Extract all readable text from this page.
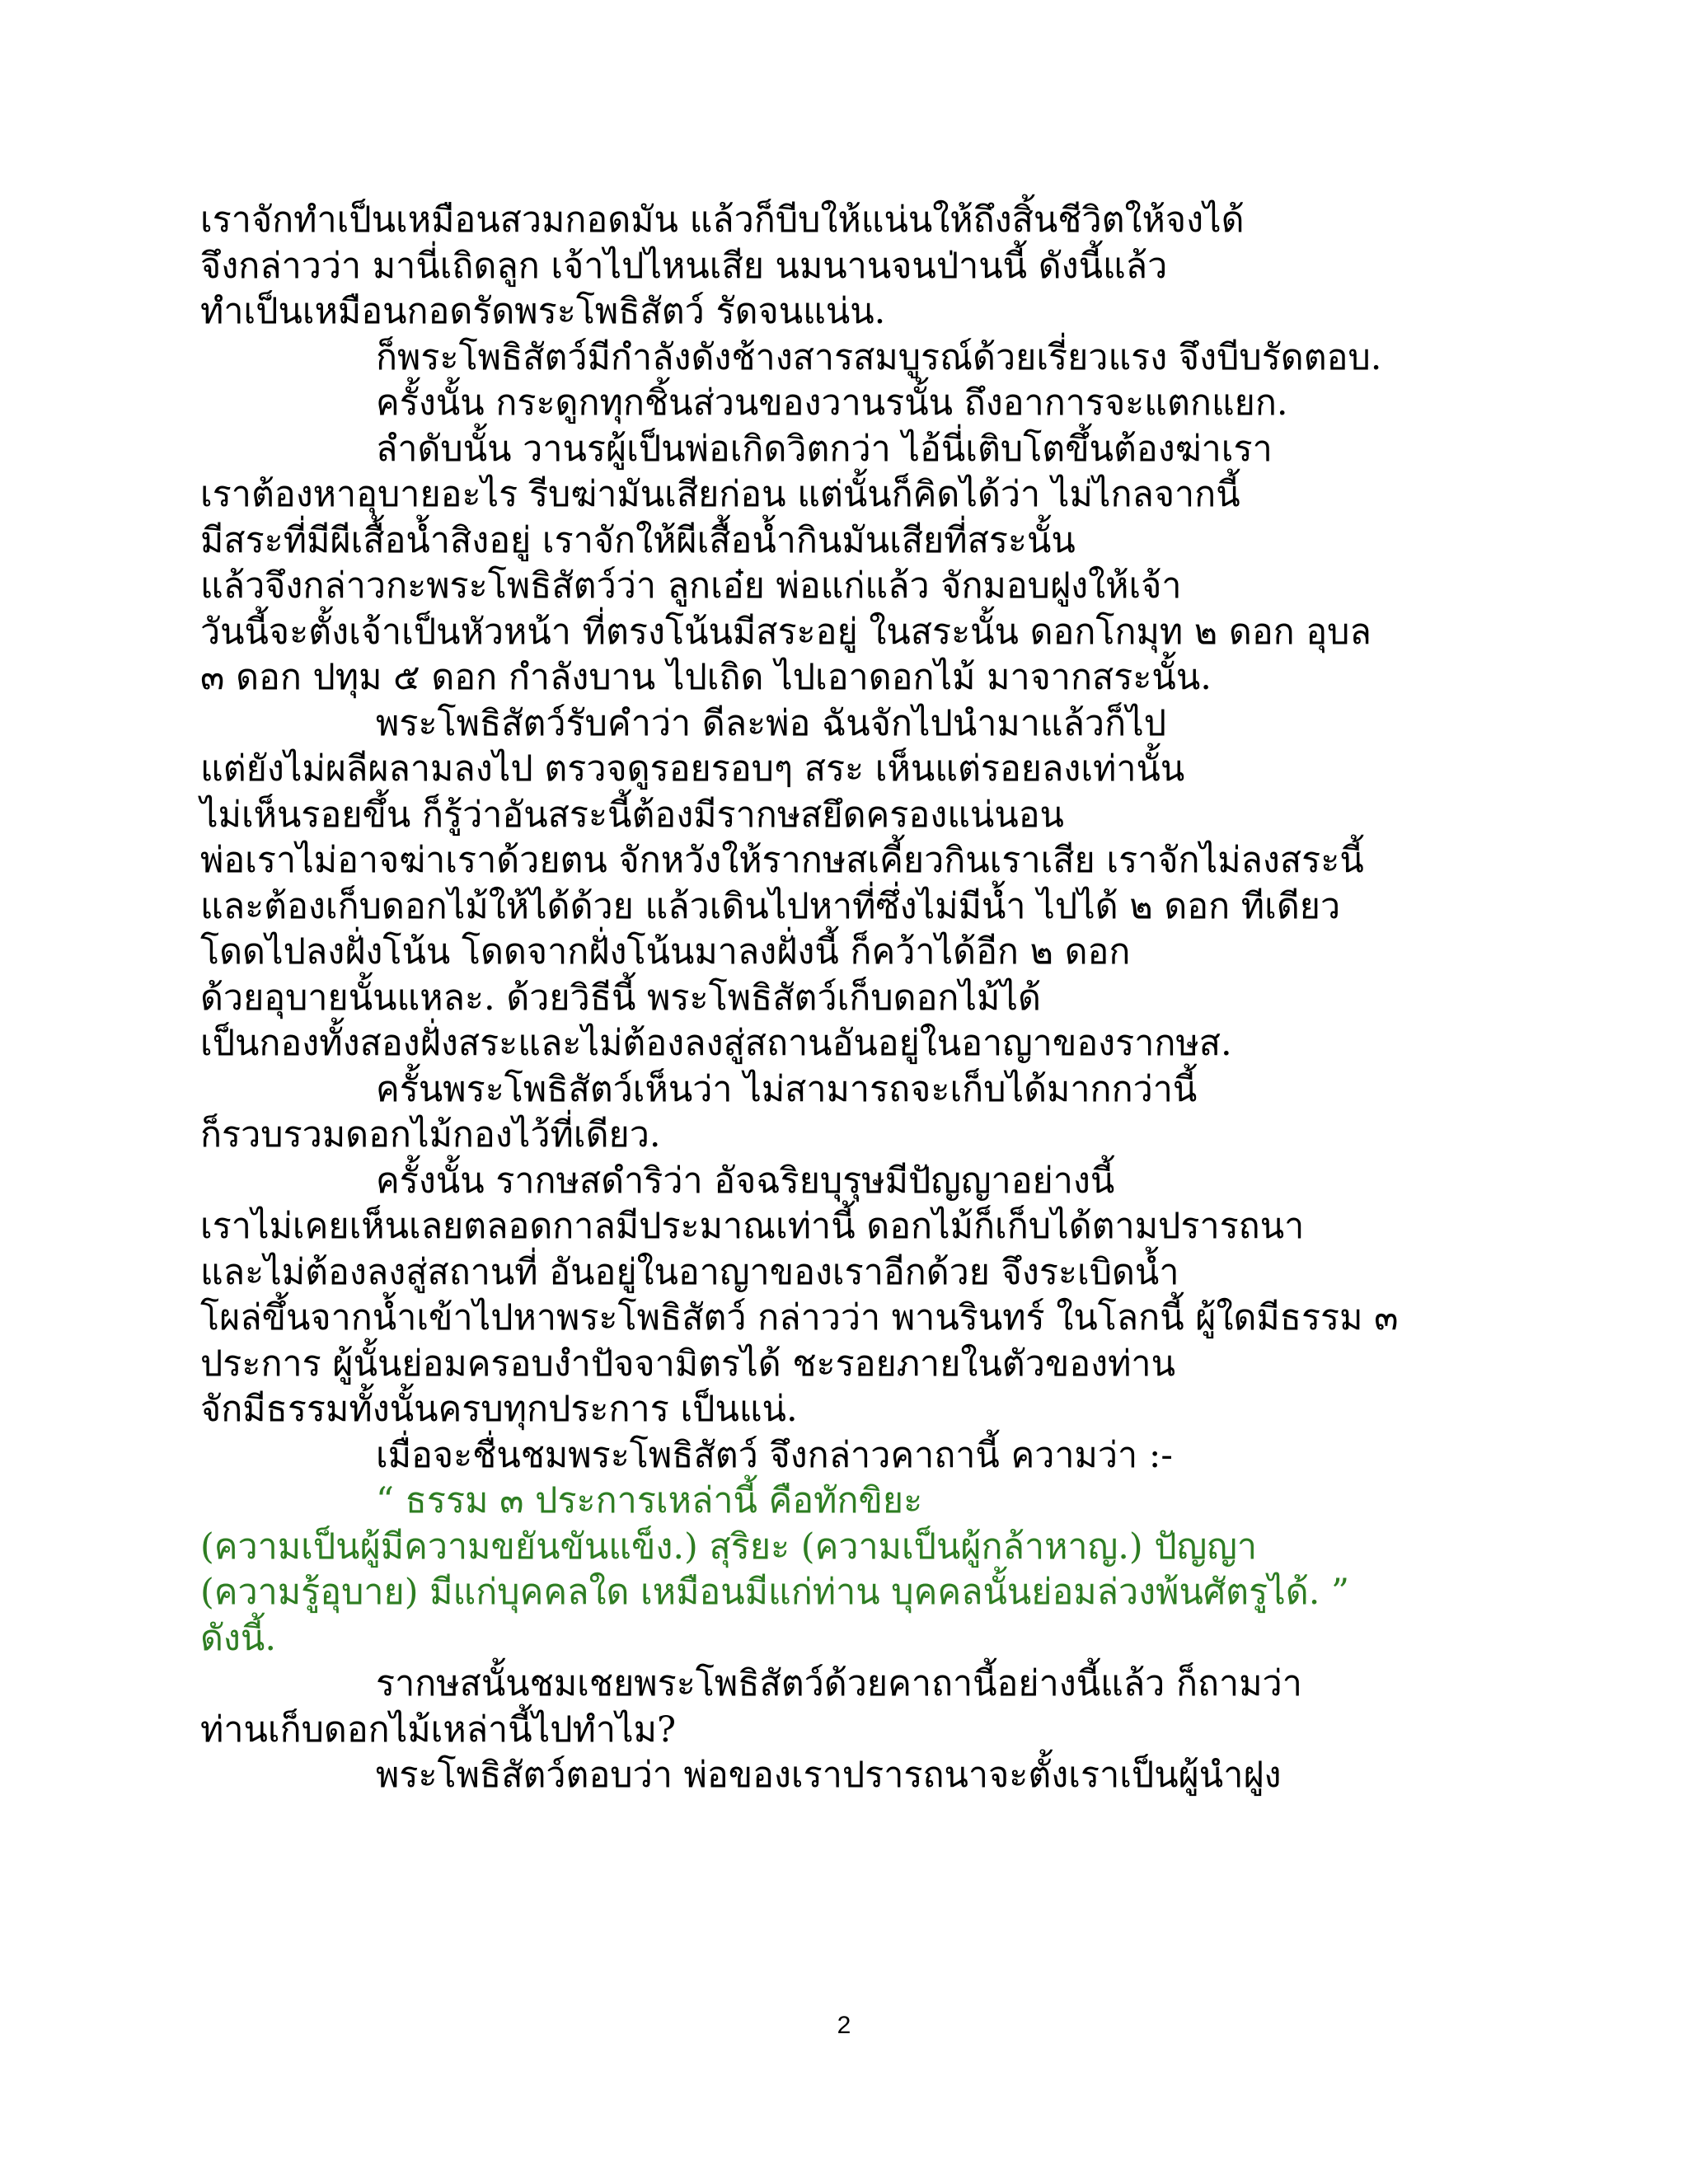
เราจักทำเป็นเหมือนสวมกอดมัน แล้วก็บีบให้แน่นให้ถึงสิ้นชีวิตให้จงได้
จึงกล่าวว่า มานี่เถิดลูก เจ้าไปไหนเสีย นมนานจนป่านนี้ ดังนี้แล้ว
ทำเป็นเหมือนกอดรัดพระโพธิสัตว์ รัดจนแน่น.
ก็พระโพธิสัตว์มีกำลังดังช้างสารสมบูรณ์ด้วยเรี่ยวแรง จึงบีบรัดตอบ.
ครั้งนั้น กระดูกทุกชิ้นส่วนของวานรนั้น ถึงอาการจะแตกแยก.
ลำดับนั้น วานรผู้เป็นพ่อเกิดวิตกว่า ไอ้นี่เติบโตขึ้นต้องฆ่าเรา
เราต้องหาอุบายอะไร รีบฆ่ามันเสียก่อน แต่นั้นก็คิดได้ว่า ไม่ไกลจากนี้
มีสระที่มีผีเสื้อน้ำสิงอยู่ เราจักให้ผีเสื้อน้ำกินมันเสียที่สระนั้น
แล้วจึงกล่าวกะพระโพธิสัตว์ว่า ลูกเอ๋ย พ่อแก่แล้ว จักมอบฝูงให้เจ้า
วันนี้จะตั้งเจ้าเป็นหัวหน้า ที่ตรงโน้นมีสระอยู่ ในสระนั้น ดอกโกมุท ๒ ดอก อุบล
๓ ดอก ปทุม ๕ ดอก กำลังบาน ไปเถิด ไปเอาดอกไม้ มาจากสระนั้น.
พระโพธิสัตว์รับคำว่า ดีละพ่อ ฉันจักไปนำมาแล้วก็ไป
แต่ยังไม่ผลีผลามลงไป ตรวจดูรอยรอบๆ สระ เห็นแต่รอยลงเท่านั้น
ไม่เห็นรอยขึ้น ก็รู้ว่าอันสระนี้ต้องมีรากษสยึดครองแน่นอน
พ่อเราไม่อาจฆ่าเราด้วยตน จักหวังให้รากษสเคี้ยวกินเราเสีย เราจักไม่ลงสระนี้
และต้องเก็บดอกไม้ให้ได้ด้วย แล้วเดินไปหาที่ซึ่งไม่มีน้ำ ไปได้ ๒ ดอก ทีเดียว
โดดไปลงฝั่งโน้น โดดจากฝั่งโน้นมาลงฝั่งนี้ ก็คว้าได้อีก ๒ ดอก
ด้วยอุบายนั้นแหละ. ด้วยวิธีนี้ พระโพธิสัตว์เก็บดอกไม้ได้
เป็นกองทั้งสองฝั่งสระและไม่ต้องลงสู่สถานอันอยู่ในอาญาของรากษส.
ครั้นพระโพธิสัตว์เห็นว่า ไม่สามารถจะเก็บได้มากกว่านี้
ก็รวบรวมดอกไม้กองไว้ที่เดียว.
ครั้งนั้น รากษสดำริว่า อัจฉริยบุรุษมีปัญญาอย่างนี้
เราไม่เคยเห็นเลยตลอดกาลมีประมาณเท่านี้ ดอกไม้ก็เก็บได้ตามปรารถนา
และไม่ต้องลงสู่สถานที่ อันอยู่ในอาญาของเราอีกด้วย จึงระเบิดน้ำ
โผล่ขึ้นจากน้ำเข้าไปหาพระโพธิสัตว์ กล่าวว่า พานรินทร์ ในโลกนี้ ผู้ใดมีธรรม ๓
ประการ ผู้นั้นย่อมครอบงำปัจจามิตรได้ ชะรอยภายในตัวของท่าน
จักมีธรรมทั้งนั้นครบทุกประการ เป็นแน่.
เมื่อจะชื่นชมพระโพธิสัตว์ จึงกล่าวคาถานี้ ความว่า :-
“ ธรรม ๓ ประการเหล่านี้ คือทักขิยะ
(ความเป็นผู้มีความขยันขันแข็ง.) สุริยะ (ความเป็นผู้กล้าหาญ.) ปัญญา
(ความรู้อุบาย) มีแก่บุคคลใด เหมือนมีแก่ท่าน บุคคลนั้นย่อมล่วงพ้นศัตรูได้. ”
ดังนี้.
รากษสนั้นชมเชยพระโพธิสัตว์ด้วยคาถานี้อย่างนี้แล้ว ก็ถามว่า
ท่านเก็บดอกไม้เหล่านี้ไปทำไม?
พระโพธิสัตว์ตอบว่า พ่อของเราปรารถนาจะตั้งเราเป็นผู้นำฝูง
2
